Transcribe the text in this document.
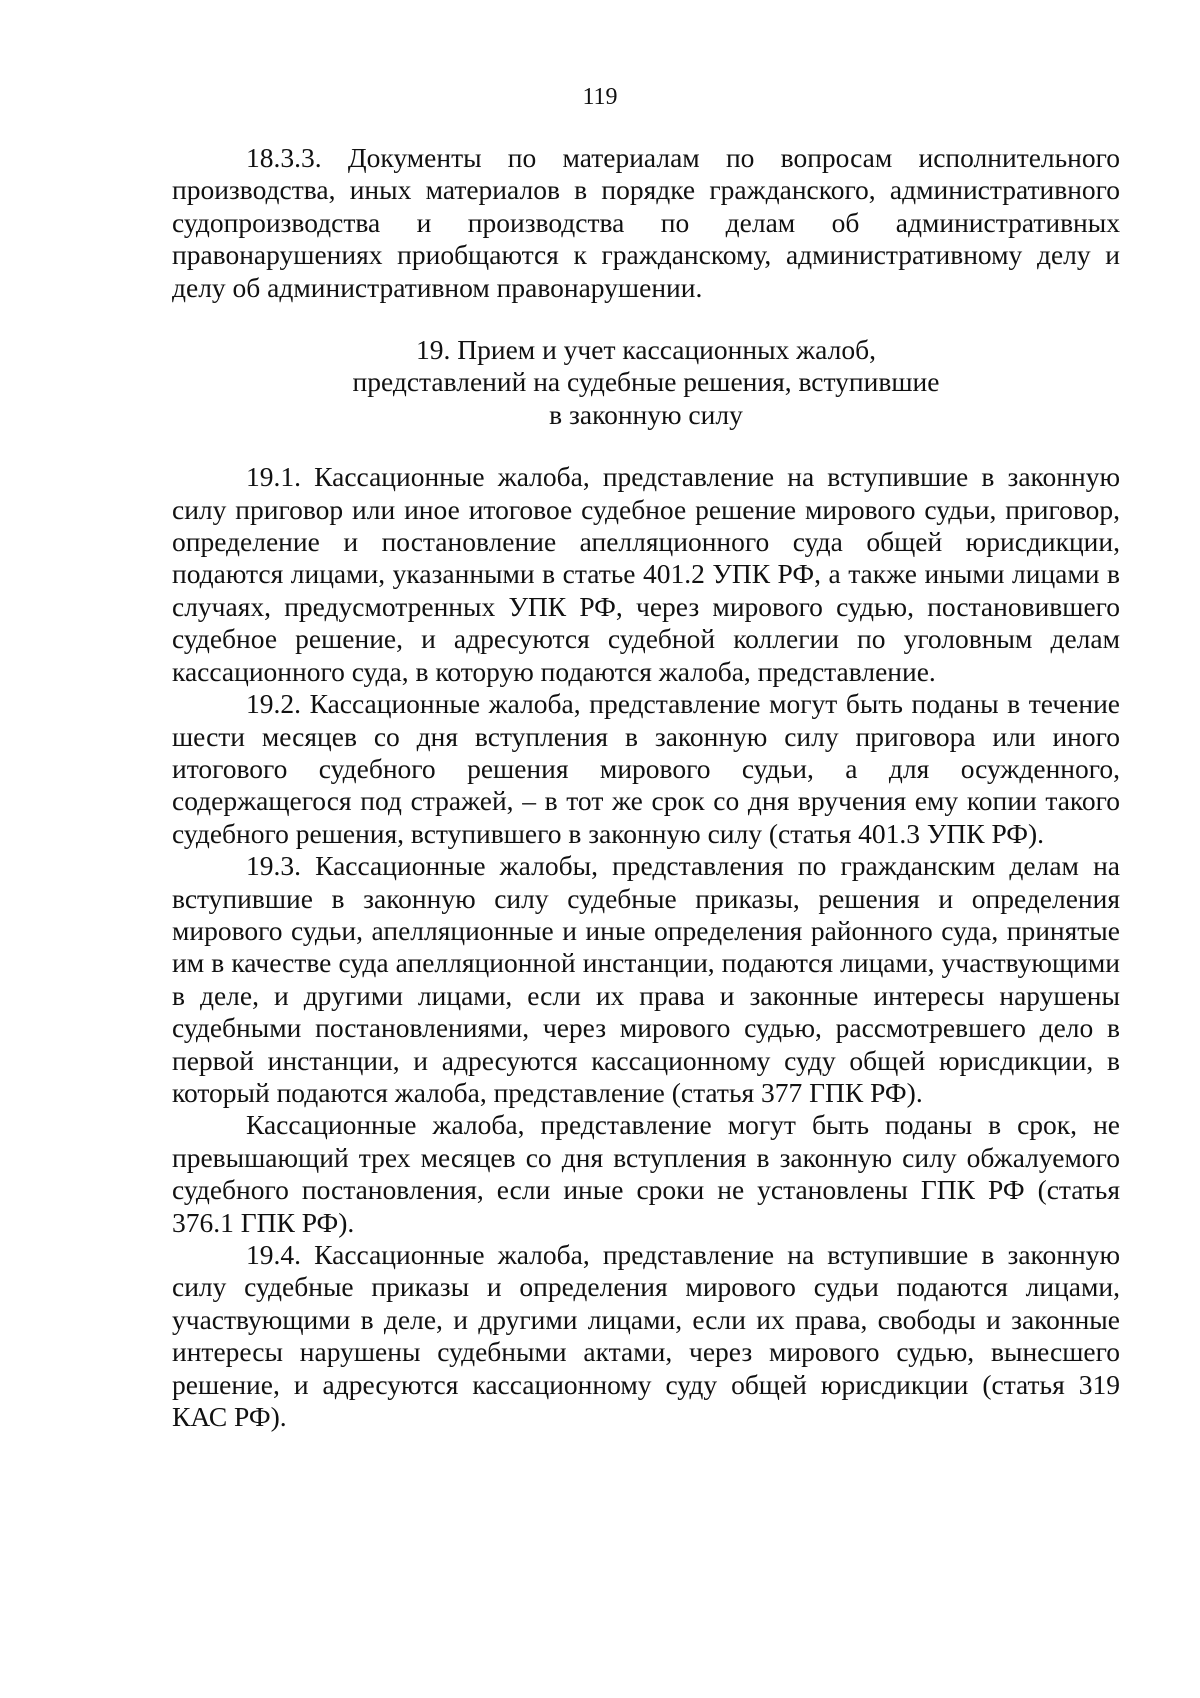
119

18.3.3. Документы по материалам по вопросам исполнительного производства, иных материалов в порядке гражданского, административного судопроизводства и производства по делам об административных правонарушениях приобщаются к гражданскому, административному делу и делу об административном правонарушении.

19. Прием и учет кассационных жалоб,
представлений на судебные решения, вступившие
в законную силу

19.1. Кассационные жалоба, представление на вступившие в законную силу приговор или иное итоговое судебное решение мирового судьи, приговор, определение и постановление апелляционного суда общей юрисдикции, подаются лицами, указанными в статье 401.2 УПК РФ, а также иными лицами в случаях, предусмотренных УПК РФ, через мирового судью, постановившего судебное решение, и адресуются судебной коллегии по уголовным делам кассационного суда, в которую подаются жалоба, представление.

19.2. Кассационные жалоба, представление могут быть поданы в течение шести месяцев со дня вступления в законную силу приговора или иного итогового судебного решения мирового судьи, а для осужденного, содержащегося под стражей, – в тот же срок со дня вручения ему копии такого судебного решения, вступившего в законную силу (статья 401.3 УПК РФ).

19.3. Кассационные жалобы, представления по гражданским делам на вступившие в законную силу судебные приказы, решения и определения мирового судьи, апелляционные и иные определения районного суда, принятые им в качестве суда апелляционной инстанции, подаются лицами, участвующими в деле, и другими лицами, если их права и законные интересы нарушены судебными постановлениями, через мирового судью, рассмотревшего дело в первой инстанции, и адресуются кассационному суду общей юрисдикции, в который подаются жалоба, представление (статья 377 ГПК РФ).

Кассационные жалоба, представление могут быть поданы в срок, не превышающий трех месяцев со дня вступления в законную силу обжалуемого судебного постановления, если иные сроки не установлены ГПК РФ (статья 376.1 ГПК РФ).

19.4. Кассационные жалоба, представление на вступившие в законную силу судебные приказы и определения мирового судьи подаются лицами, участвующими в деле, и другими лицами, если их права, свободы и законные интересы нарушены судебными актами, через мирового судью, вынесшего решение, и адресуются кассационному суду общей юрисдикции (статья 319 КАС РФ).
